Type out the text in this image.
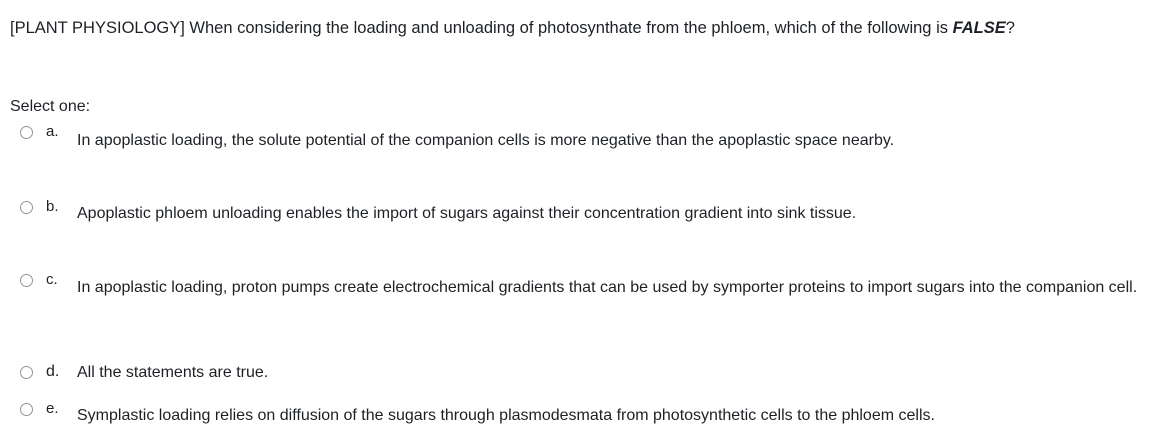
[PLANT PHYSIOLOGY] When considering the loading and unloading of photosynthate from the phloem, which of the following is FALSE?
Select one:
a.
In apoplastic loading, the solute potential of the companion cells is more negative than the apoplastic space nearby.
b. Apoplastic phloem unloading enables the import of sugars against their concentration gradient into sink tissue.
c. In apoplastic loading, proton pumps create electrochemical gradients that can be used by symporter proteins to import sugars into the companion cell.
d. All the statements are true.
e. Symplastic loading relies on diffusion of the sugars through plasmodesmata from photosynthetic cells to the phloem cells.
